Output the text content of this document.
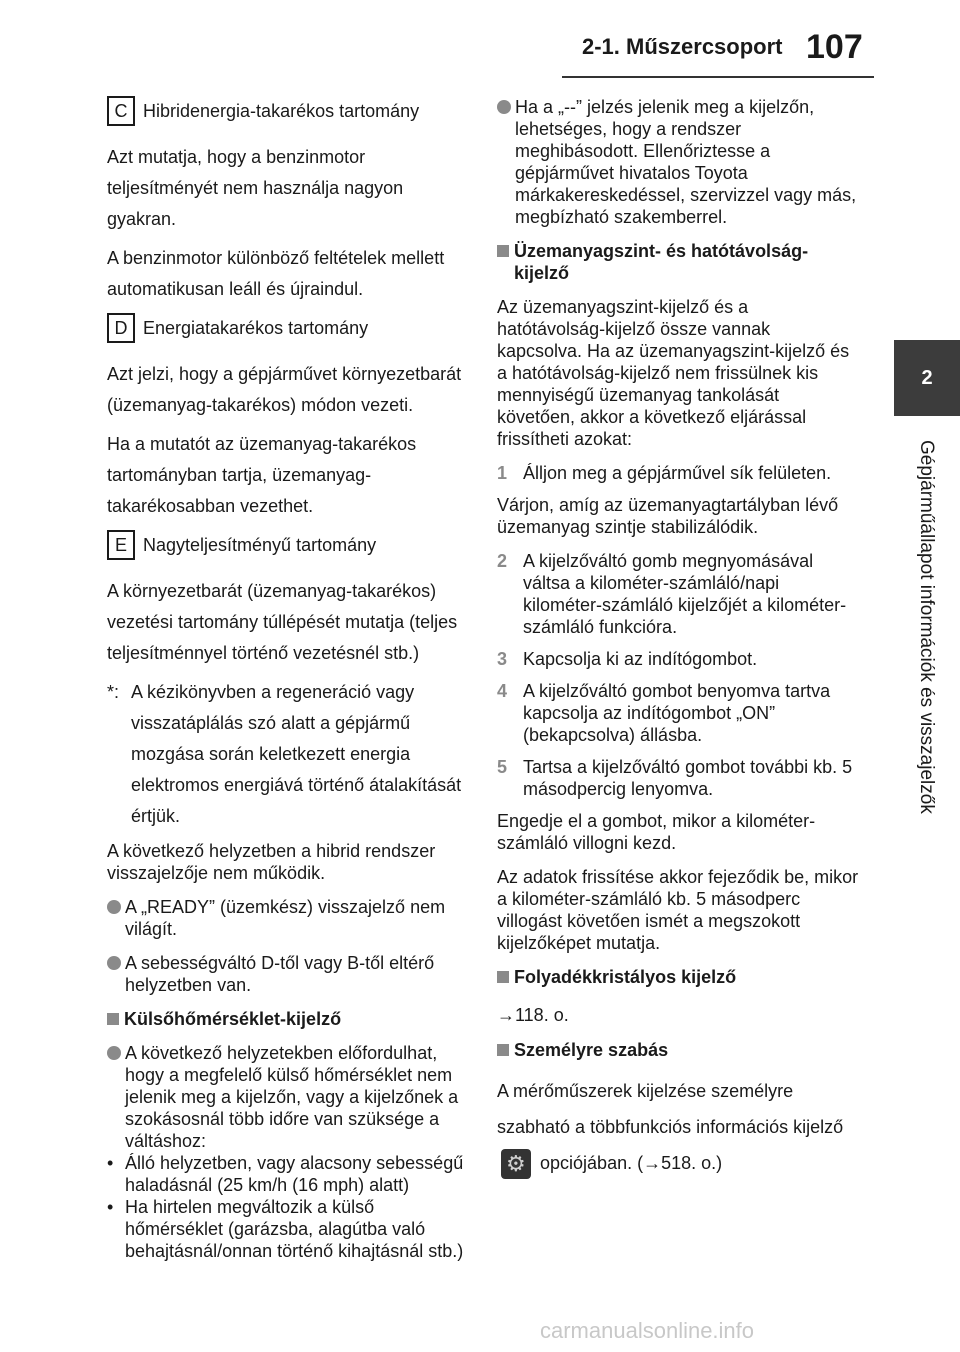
2-1. Műszercsoport 107
2
Gépjárműállapot információk és visszajelzők
C Hibridenergia-takarékos tartomány

Azt mutatja, hogy a benzinmotor teljesítményét nem használja nagyon gyakran.

A benzinmotor különböző feltételek mellett automatikusan leáll és újraindul.

D Energiatakarékos tartomány

Azt jelzi, hogy a gépjárművet környezetbarát (üzemanyag-takarékos) módon vezeti.

Ha a mutatót az üzemanyag-takarékos tartományban tartja, üzemanyag-takarékosabban vezethet.

E Nagyteljesítményű tartomány

A környezetbarát (üzemanyag-takarékos) vezetési tartomány túllépését mutatja (teljes teljesítménnyel történő vezetésnél stb.)

*: A kézikönyvben a regeneráció vagy visszatáplálás szó alatt a gépjármű mozgása során keletkezett energia elektromos energiává történő átalakítását értjük.

A következő helyzetben a hibrid rendszer visszajelzője nem működik.

A „READY” (üzemkész) visszajelző nem világít.
A sebességváltó D-től vagy B-től eltérő helyzetben van.
Külsőhőmérséklet-kijelző
A következő helyzetekben előfordulhat, hogy a megfelelő külső hőmérséklet nem jelenik meg a kijelzőn, vagy a kijelzőnek a szokásosnál több időre van szüksége a váltáshoz:
• Álló helyzetben, vagy alacsony sebességű haladásnál (25 km/h (16 mph) alatt)
• Ha hirtelen megváltozik a külső hőmérséklet (garázsba, alagútba való behajtásnál/onnan történő kihajtásnál stb.)
Ha a „--” jelzés jelenik meg a kijelzőn, lehetséges, hogy a rendszer meghibásodott. Ellenőriztesse a gépjárművet hivatalos Toyota márkakereskedéssel, szervizzel vagy más, megbízható szakemberrel.
Üzemanyagszint- és hatótávolság-kijelző

Az üzemanyagszint-kijelző és a hatótávolság-kijelző össze vannak kapcsolva. Ha az üzemanyagszint-kijelző és a hatótávolság-kijelző nem frissülnek kis mennyiségű üzemanyag tankolását követően, akkor a következő eljárással frissítheti azokat:

1 Álljon meg a gépjárművel sík felületen.

Várjon, amíg az üzemanyagtartályban lévő üzemanyag szintje stabilizálódik.

2 A kijelzőváltó gomb megnyomásával váltsa a kilométer-számláló/napi kilométer-számláló kijelzőjét a kilométer-számláló funkcióra.
3 Kapcsolja ki az indítógombot.
4 A kijelzőváltó gombot benyomva tartva kapcsolja az indítógombot „ON” (bekapcsolva) állásba.
5 Tartsa a kijelzőváltó gombot további kb. 5 másodpercig lenyomva.

Engedje el a gombot, mikor a kilométer-számláló villogni kezd.

Az adatok frissítése akkor fejeződik be, mikor a kilométer-számláló kb. 5 másodperc villogást követően ismét a megszokott kijelzőképet mutatja.

Folyadékkristályos kijelző

→118. o.

Személyre szabás

A mérőműszerek kijelzése személyre szabható a többfunkciós információs kijelző ⚙ opciójában. (→518. o.)

carmanualsonline.info
